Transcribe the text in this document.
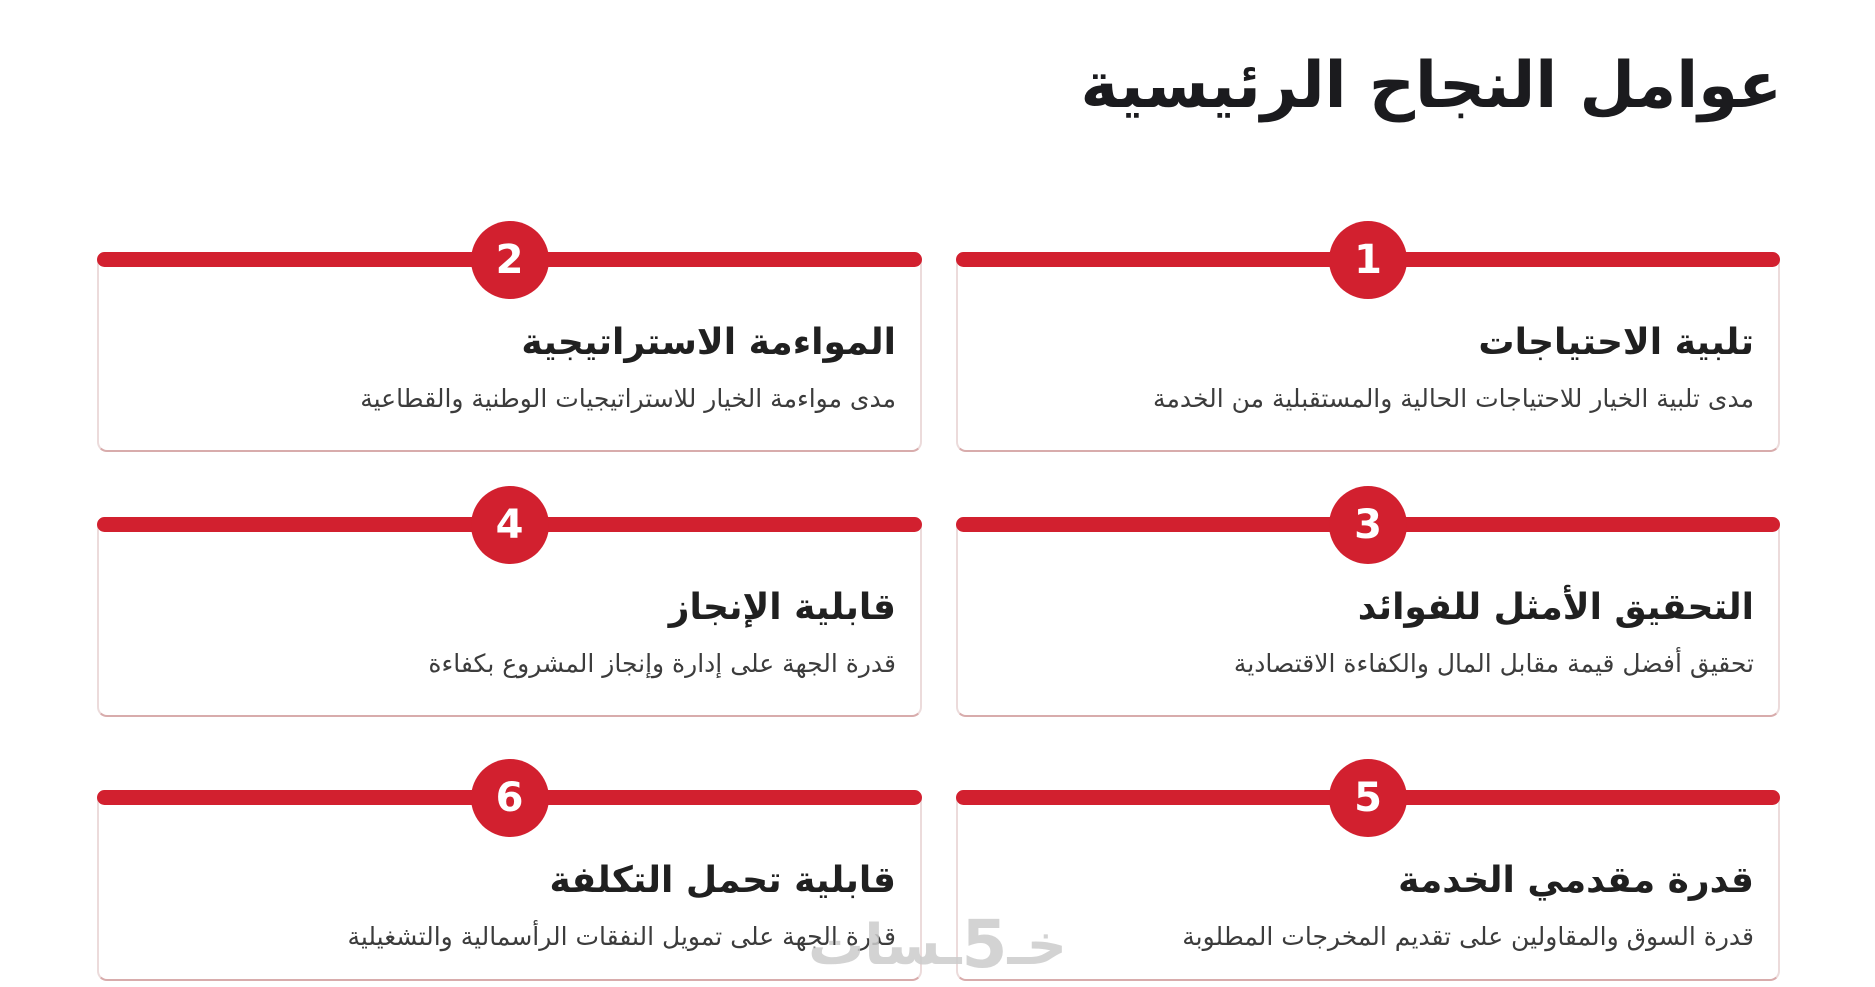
عوامل النجاح الرئيسية
1
تلبية الاحتياجات

مدى تلبية الخيار للاحتياجات الحالية والمستقبلية من الخدمة

2
المواءمة الاستراتيجية

مدى مواءمة الخيار للاستراتيجيات الوطنية والقطاعية

3
التحقيق الأمثل للفوائد

تحقيق أفضل قيمة مقابل المال والكفاءة الاقتصادية

4
قابلية الإنجاز

قدرة الجهة على إدارة وإنجاز المشروع بكفاءة

5
قدرة مقدمي الخدمة

قدرة السوق والمقاولين على تقديم المخرجات المطلوبة

6
قابلية تحمل التكلفة

قدرة الجهة على تمويل النفقات الرأسمالية والتشغيلية	خـ5ـسات
